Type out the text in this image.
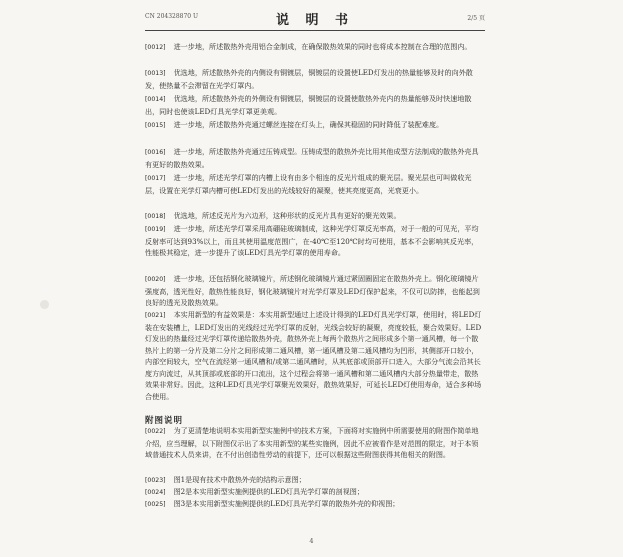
CN 204328870 U	说 明 书	2/5 页
[0012] 进一步地，所述散热外壳用铝合金制成，在确保散热效果的同时也将成本控制在合理的范围内。
[0013] 优选地，所述散热外壳的内侧设有铜镀层，铜镀层的设置使LED灯发出的热量能够及时的向外散发，使热量不会滞留在光学灯罩内。
[0014] 优选地，所述散热外壳的外侧设有铜镀层，铜镀层的设置使散热外壳内的热量能够及时快速地散出，同时也使该LED灯具光学灯罩更美观。
[0015] 进一步地，所述散热外壳通过螺丝连接在灯头上，确保其稳固的同时降低了装配难度。
[0016] 进一步地，所述散热外壳通过压铸成型。压铸成型的散热外壳比用其他成型方法制成的散热外壳具有更好的散热效果。
[0017] 进一步地，所述光学灯罩的内槽上设有由多个相连的反光片组成的聚光层。聚光层也可叫做收光层，设置在光学灯罩内槽可使LED灯发出的光线较好的凝聚，使其亮度更高，光衰更小。
[0018] 优选地，所述反光片为六边形，这种形状的反光片具有更好的聚光效果。
[0019] 进一步地，所述光学灯罩采用高硼硅玻璃制成，这种光学灯罩反光率高，对于一般的可见光，平均反射率可达到93%以上，而且其使用温度范围广，在-40℃至120℃时均可使用，基本不会影响其反光率，性能极其稳定，进一步提升了该LED灯具光学灯罩的使用寿命。
[0020] 进一步地，还包括钢化玻璃镜片，所述钢化玻璃镜片通过紧固圈固定在散热外壳上。钢化玻璃镜片强度高，透光性好，散热性能良好，钢化玻璃镜片对光学灯罩及LED灯保护起来，不仅可以防摔，也能起到良好的透光及散热效果。
[0021] 本实用新型的有益效果是：本实用新型通过上述设计得到的LED灯具光学灯罩，使用时，将LED灯装在安装槽上，LED灯发出的光线经过光学灯罩的反射，光线会较好的凝聚，亮度较低，聚合效果好。LED灯发出的热量经过光学灯罩传递给散热外壳，散热外壳上每两个散热片之间形成多个第一通风槽，每一个散热片上的第一分片及第二分片之间形成第二通风槽，第一通风槽及第二通风槽均为凹形，其侧部开口较小，内部空间较大，空气在流经第一通风槽和/或第二通风槽时，从其底部或顶部开口进入，大部分气流会沿其长度方向流过，从其顶部或底部的开口流出，这个过程会将第一通风槽和第二通风槽内大部分热量带走，散热效果非常好。因此，这种LED灯具光学灯罩聚光效果好，散热效果好，可延长LED灯使用寿命，适合多种场合使用。
附图说明
[0022] 为了更清楚地说明本实用新型实施例中的技术方案，下面将对实施例中所需要使用的附图作简单地介绍，应当理解，以下附图仅示出了本实用新型的某些实施例，因此不应被看作是对范围的限定，对于本领域普通技术人员来讲，在不付出创造性劳动的前提下，还可以根据这些附图获得其他相关的附图。
[0023] 图1是现有技术中散热外壳的结构示意图；
[0024] 图2是本实用新型实施例提供的LED灯具光学灯罩的剖视图；
[0025] 图3是本实用新型实施例提供的LED灯具光学灯罩的散热外壳的仰视图；
4
